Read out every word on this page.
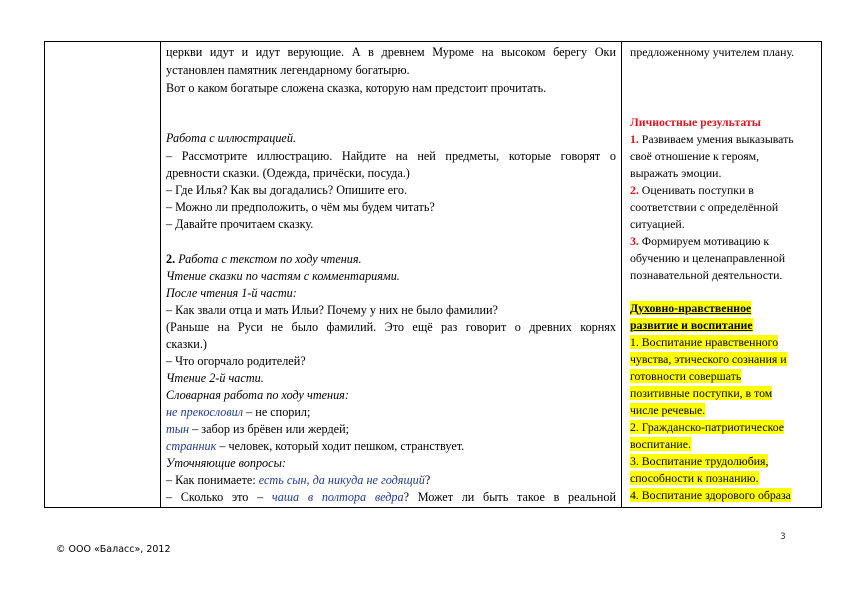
церкви идут и идут верующие. А в древнем Муроме на высоком берегу Оки
установлен памятник легендарному богатырю.
Вот о каком богатыре сложена сказка, которую нам предстоит прочитать.
Работа с иллюстрацией.
– Рассмотрите иллюстрацию. Найдите на ней предметы, которые говорят о
древности сказки. (Одежда, причёски, посуда.)
– Где Илья? Как вы догадались? Опишите его.
– Можно ли предположить, о чём мы будем читать?
– Давайте прочитаем сказку.
2. Работа с текстом по ходу чтения.
Чтение сказки по частям с комментариями.
После чтения 1-й части:
– Как звали отца и мать Ильи? Почему у них не было фамилии?
(Раньше на Руси не было фамилий. Это ещё раз говорит о древних корнях
сказки.)
– Что огорчало родителей?
Чтение 2-й части.
Словарная работа по ходу чтения:
не прекословил – не спорил;
тын – забор из брёвен или жердей;
странник – человек, который ходит пешком, странствует.
Уточняющие вопросы:
– Как понимаете: есть сын, да никуда не годящий?
– Сколько это – чаша в полтора ведра? Может ли быть такое в реальной
предложенному учителем плану.
Личностные результаты
1. Развиваем умения выказывать
своё отношение к героям,
выражать эмоции.
2. Оценивать поступки в
соответствии с определённой
ситуацией.
3. Формируем мотивацию к
обучению и целенаправленной
познавательной деятельности.
Духовно-нравственное
развитие и воспитание
1. Воспитание нравственного
чувства, этического сознания и
готовности совершать
позитивные поступки, в том
числе речевые.
2. Гражданско-патриотическое
воспитание.
3. Воспитание трудолюбия,
способности к познанию.
4. Воспитание здорового образа
3
© ООО «Баласс», 2012
